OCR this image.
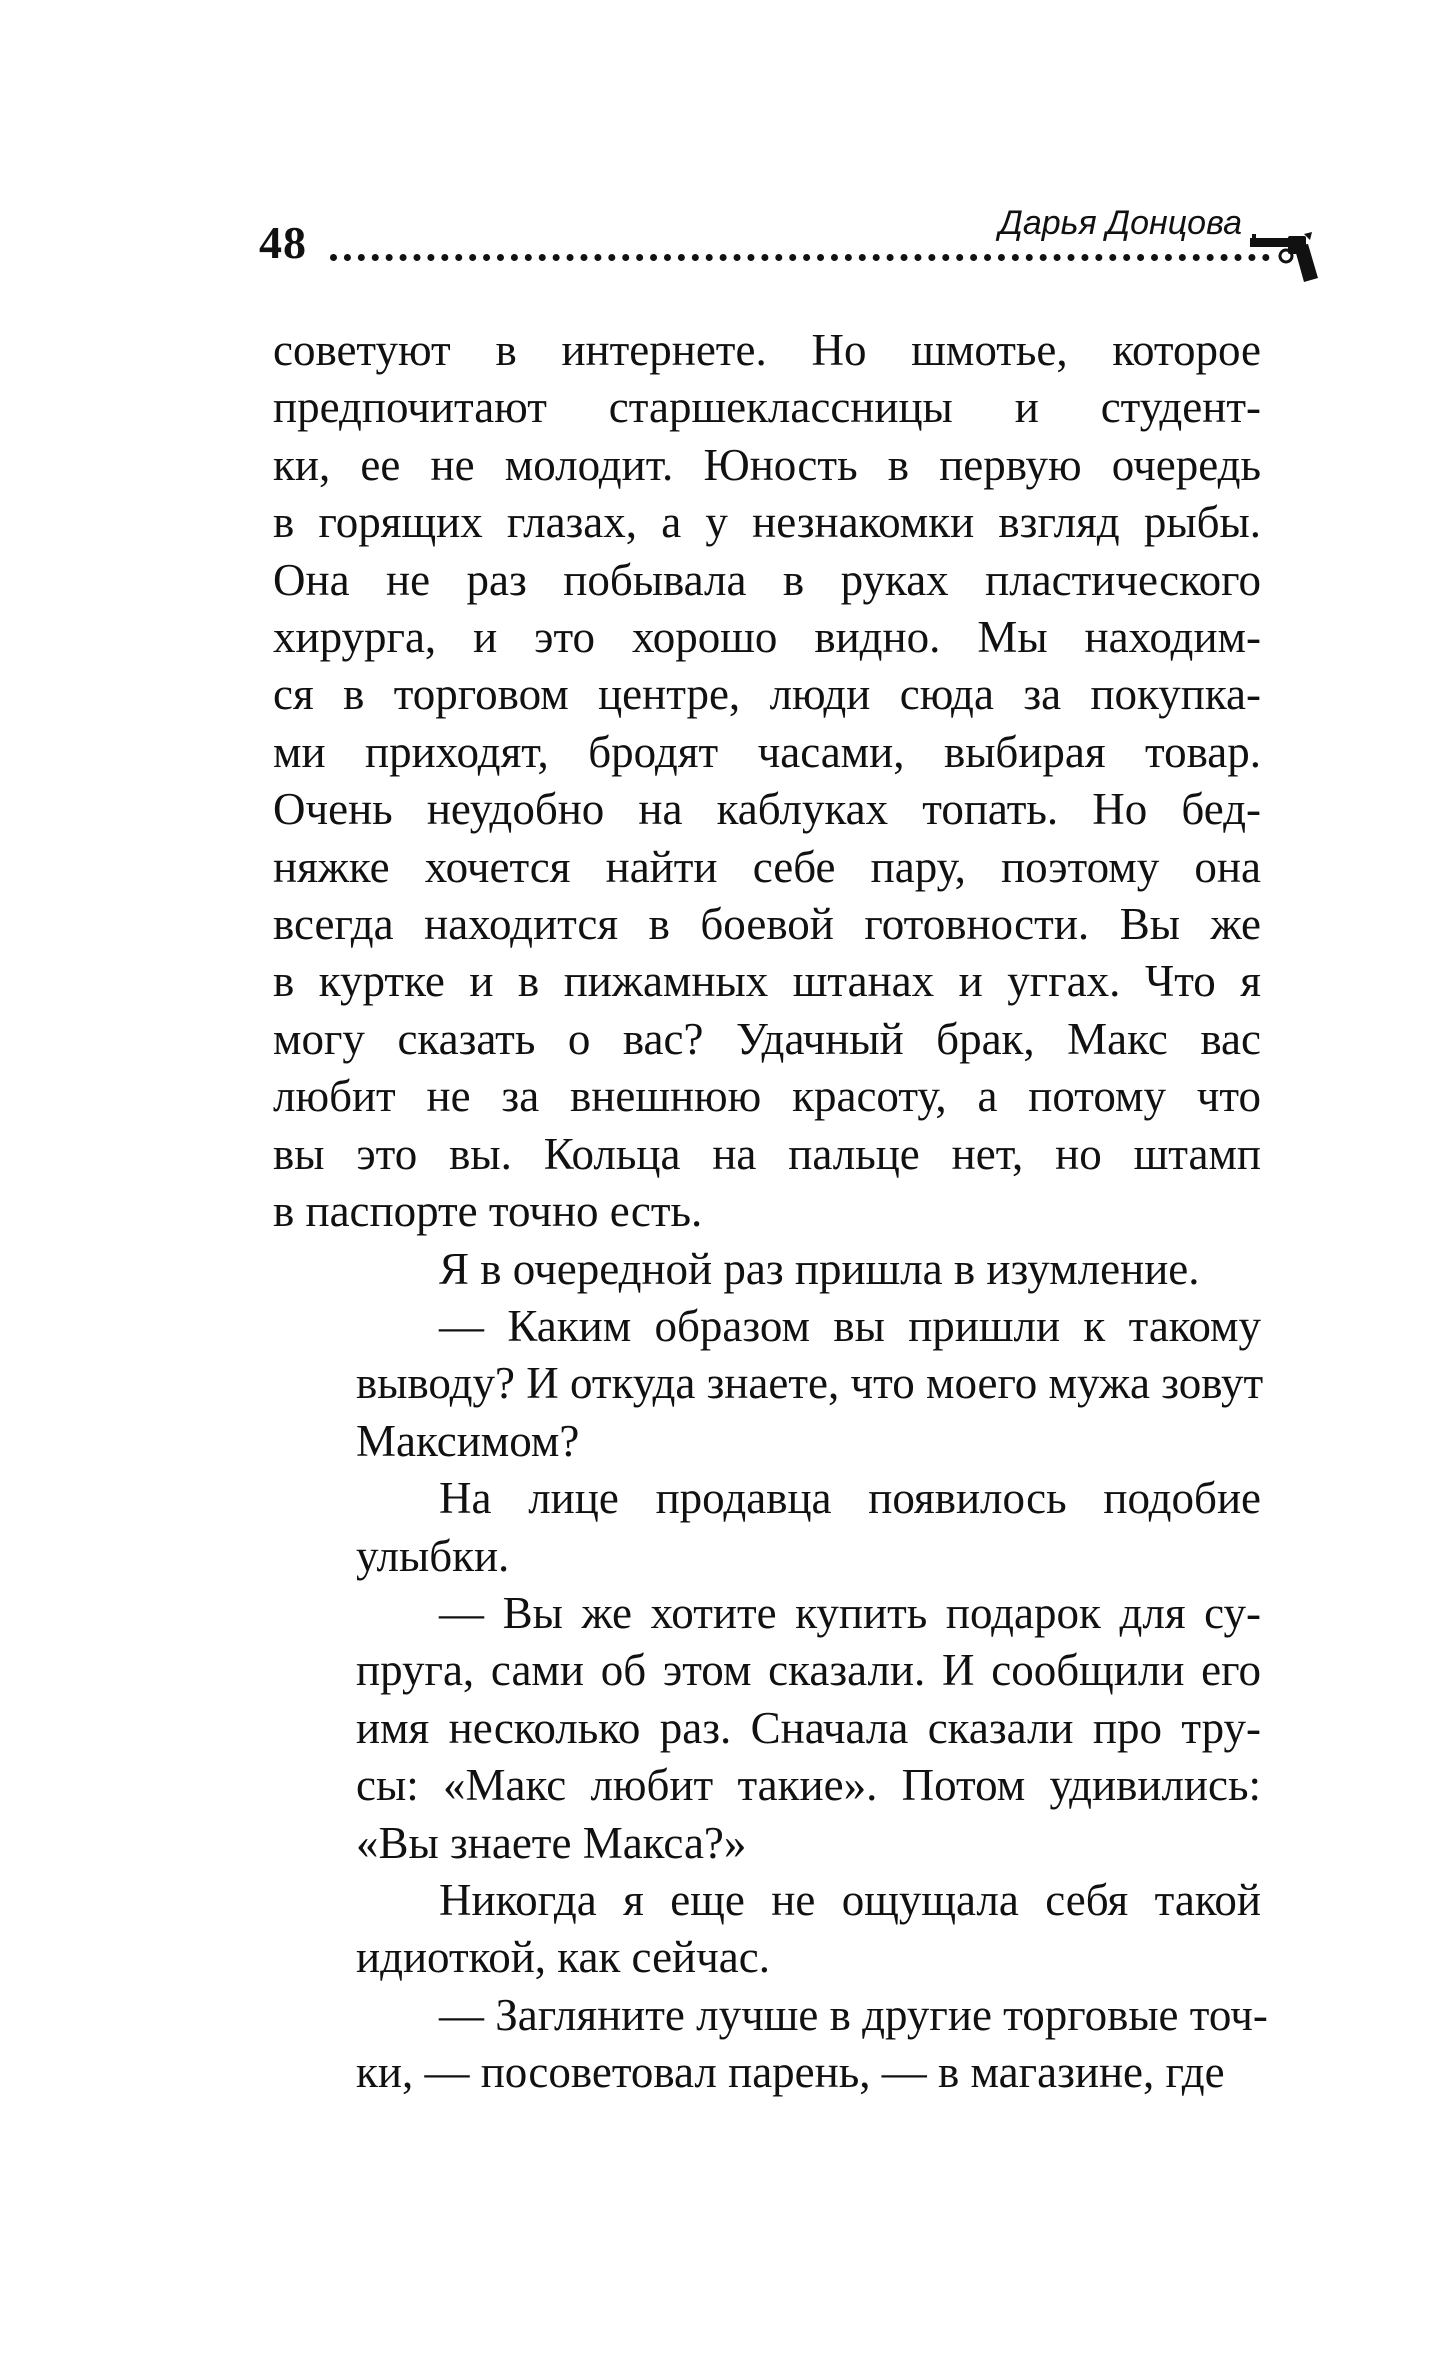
48	Дарья Донцова
советуют в интернете. Но шмотье, которое
предпочитают старшеклассницы и студент-
ки, ее не молодит. Юность в первую очередь
в горящих глазах, а у незнакомки взгляд рыбы.
Она не раз побывала в руках пластического
хирурга, и это хорошо видно. Мы находим-
ся в торговом центре, люди сюда за покупка-
ми приходят, бродят часами, выбирая товар.
Очень неудобно на каблуках топать. Но бед-
няжке хочется найти себе пару, поэтому она
всегда находится в боевой готовности. Вы же
в куртке и в пижамных штанах и уггах. Что я
могу сказать о вас? Удачный брак, Макс вас
любит не за внешнюю красоту, а потому что
вы это вы. Кольца на пальце нет, но штамп
в паспорте точно есть.
Я в очередной раз пришла в изумление.
— Каким образом вы пришли к такому
выводу? И откуда знаете, что моего мужа зовут
Максимом?
На лице продавца появилось подобие
улыбки.
— Вы же хотите купить подарок для су-
пруга, сами об этом сказали. И сообщили его
имя несколько раз. Сначала сказали про тру-
сы: «Макс любит такие». Потом удивились:
«Вы знаете Макса?»
Никогда я еще не ощущала себя такой
идиоткой, как сейчас.
— Загляните лучше в другие торговые точ-
ки, — посоветовал парень, — в магазине, где
